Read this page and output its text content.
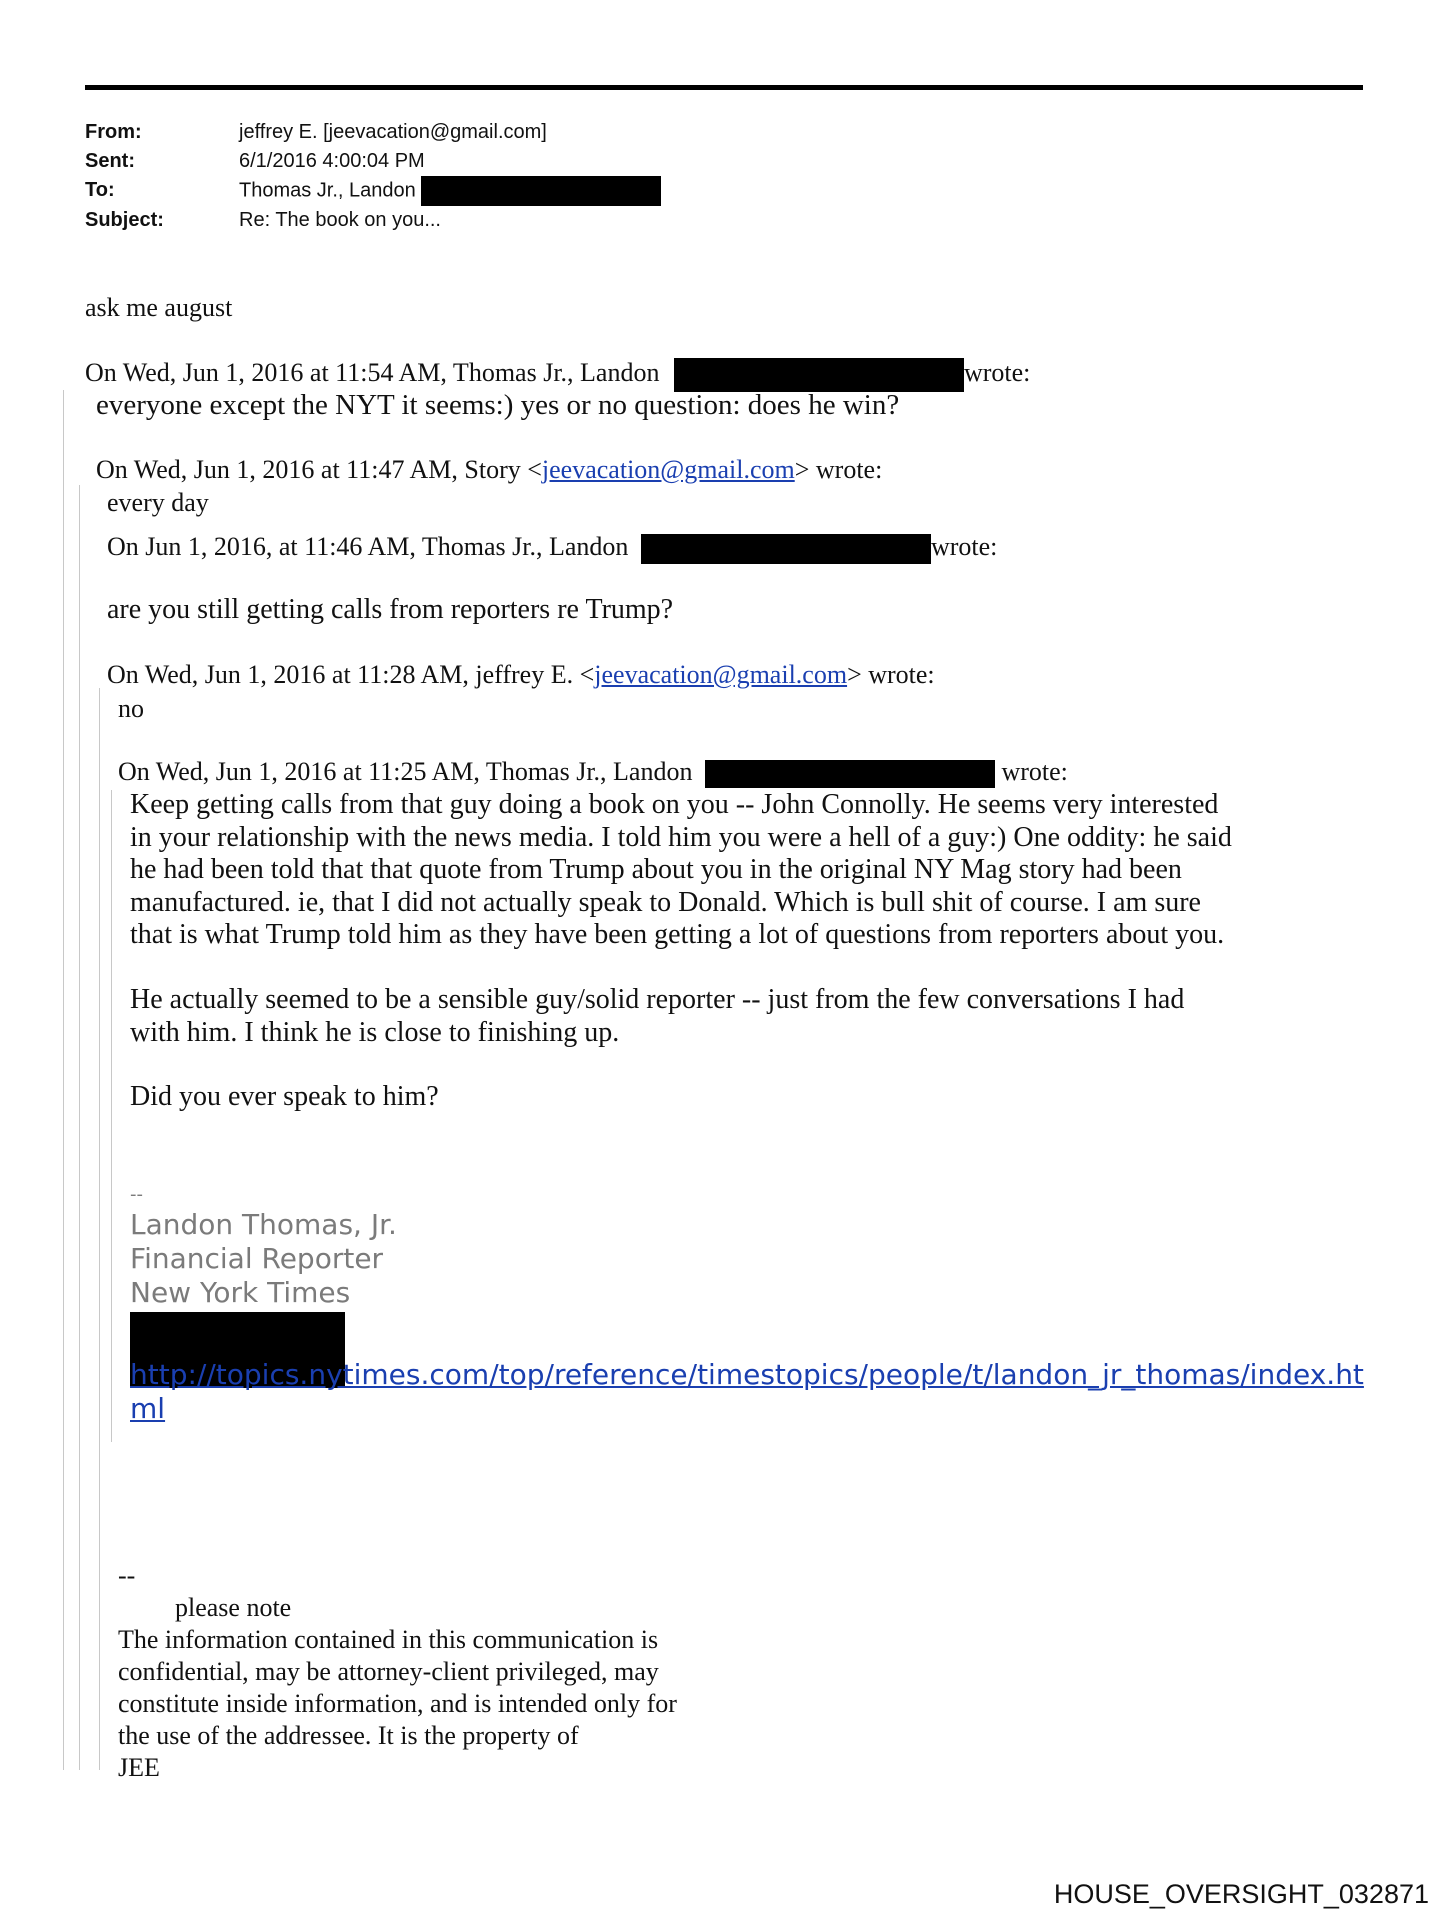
From:	jeffrey E. [jeevacation@gmail.com]
Sent:	6/1/2016 4:00:04 PM
To:	Thomas Jr., Landon
Subject:	Re: The book on you...
ask me august
On Wed, Jun 1, 2016 at 11:54 AM, Thomas Jr., Landon	wrote:
everyone except the NYT it seems:) yes or no question: does he win?
On Wed, Jun 1, 2016 at 11:47 AM, Story <jeevacation@gmail.com> wrote:
every day
On Jun 1, 2016, at 11:46 AM, Thomas Jr., Landon	wrote:
are you still getting calls from reporters re Trump?
On Wed, Jun 1, 2016 at 11:28 AM, jeffrey E. <jeevacation@gmail.com> wrote:
no
On Wed, Jun 1, 2016 at 11:25 AM, Thomas Jr., Landon	wrote:
Keep getting calls from that guy doing a book on you -- John Connolly. He seems very interested
in your relationship with the news media. I told him you were a hell of a guy:) One oddity: he said
he had been told that that quote from Trump about you in the original NY Mag story had been
manufactured. ie, that I did not actually speak to Donald. Which is bull shit of course. I am sure
that is what Trump told him as they have been getting a lot of questions from reporters about you.
He actually seemed to be a sensible guy/solid reporter -- just from the few conversations I had
with him. I think he is close to finishing up.
Did you ever speak to him?
--
Landon Thomas, Jr.
Financial Reporter
New York Times
http://topics.nytimes.com/top/reference/timestopics/people/t/landon_jr_thomas/index.html
--
please note
The information contained in this communication is
confidential, may be attorney-client privileged, may
constitute inside information, and is intended only for
the use of the addressee. It is the property of
JEE
HOUSE_OVERSIGHT_032871
